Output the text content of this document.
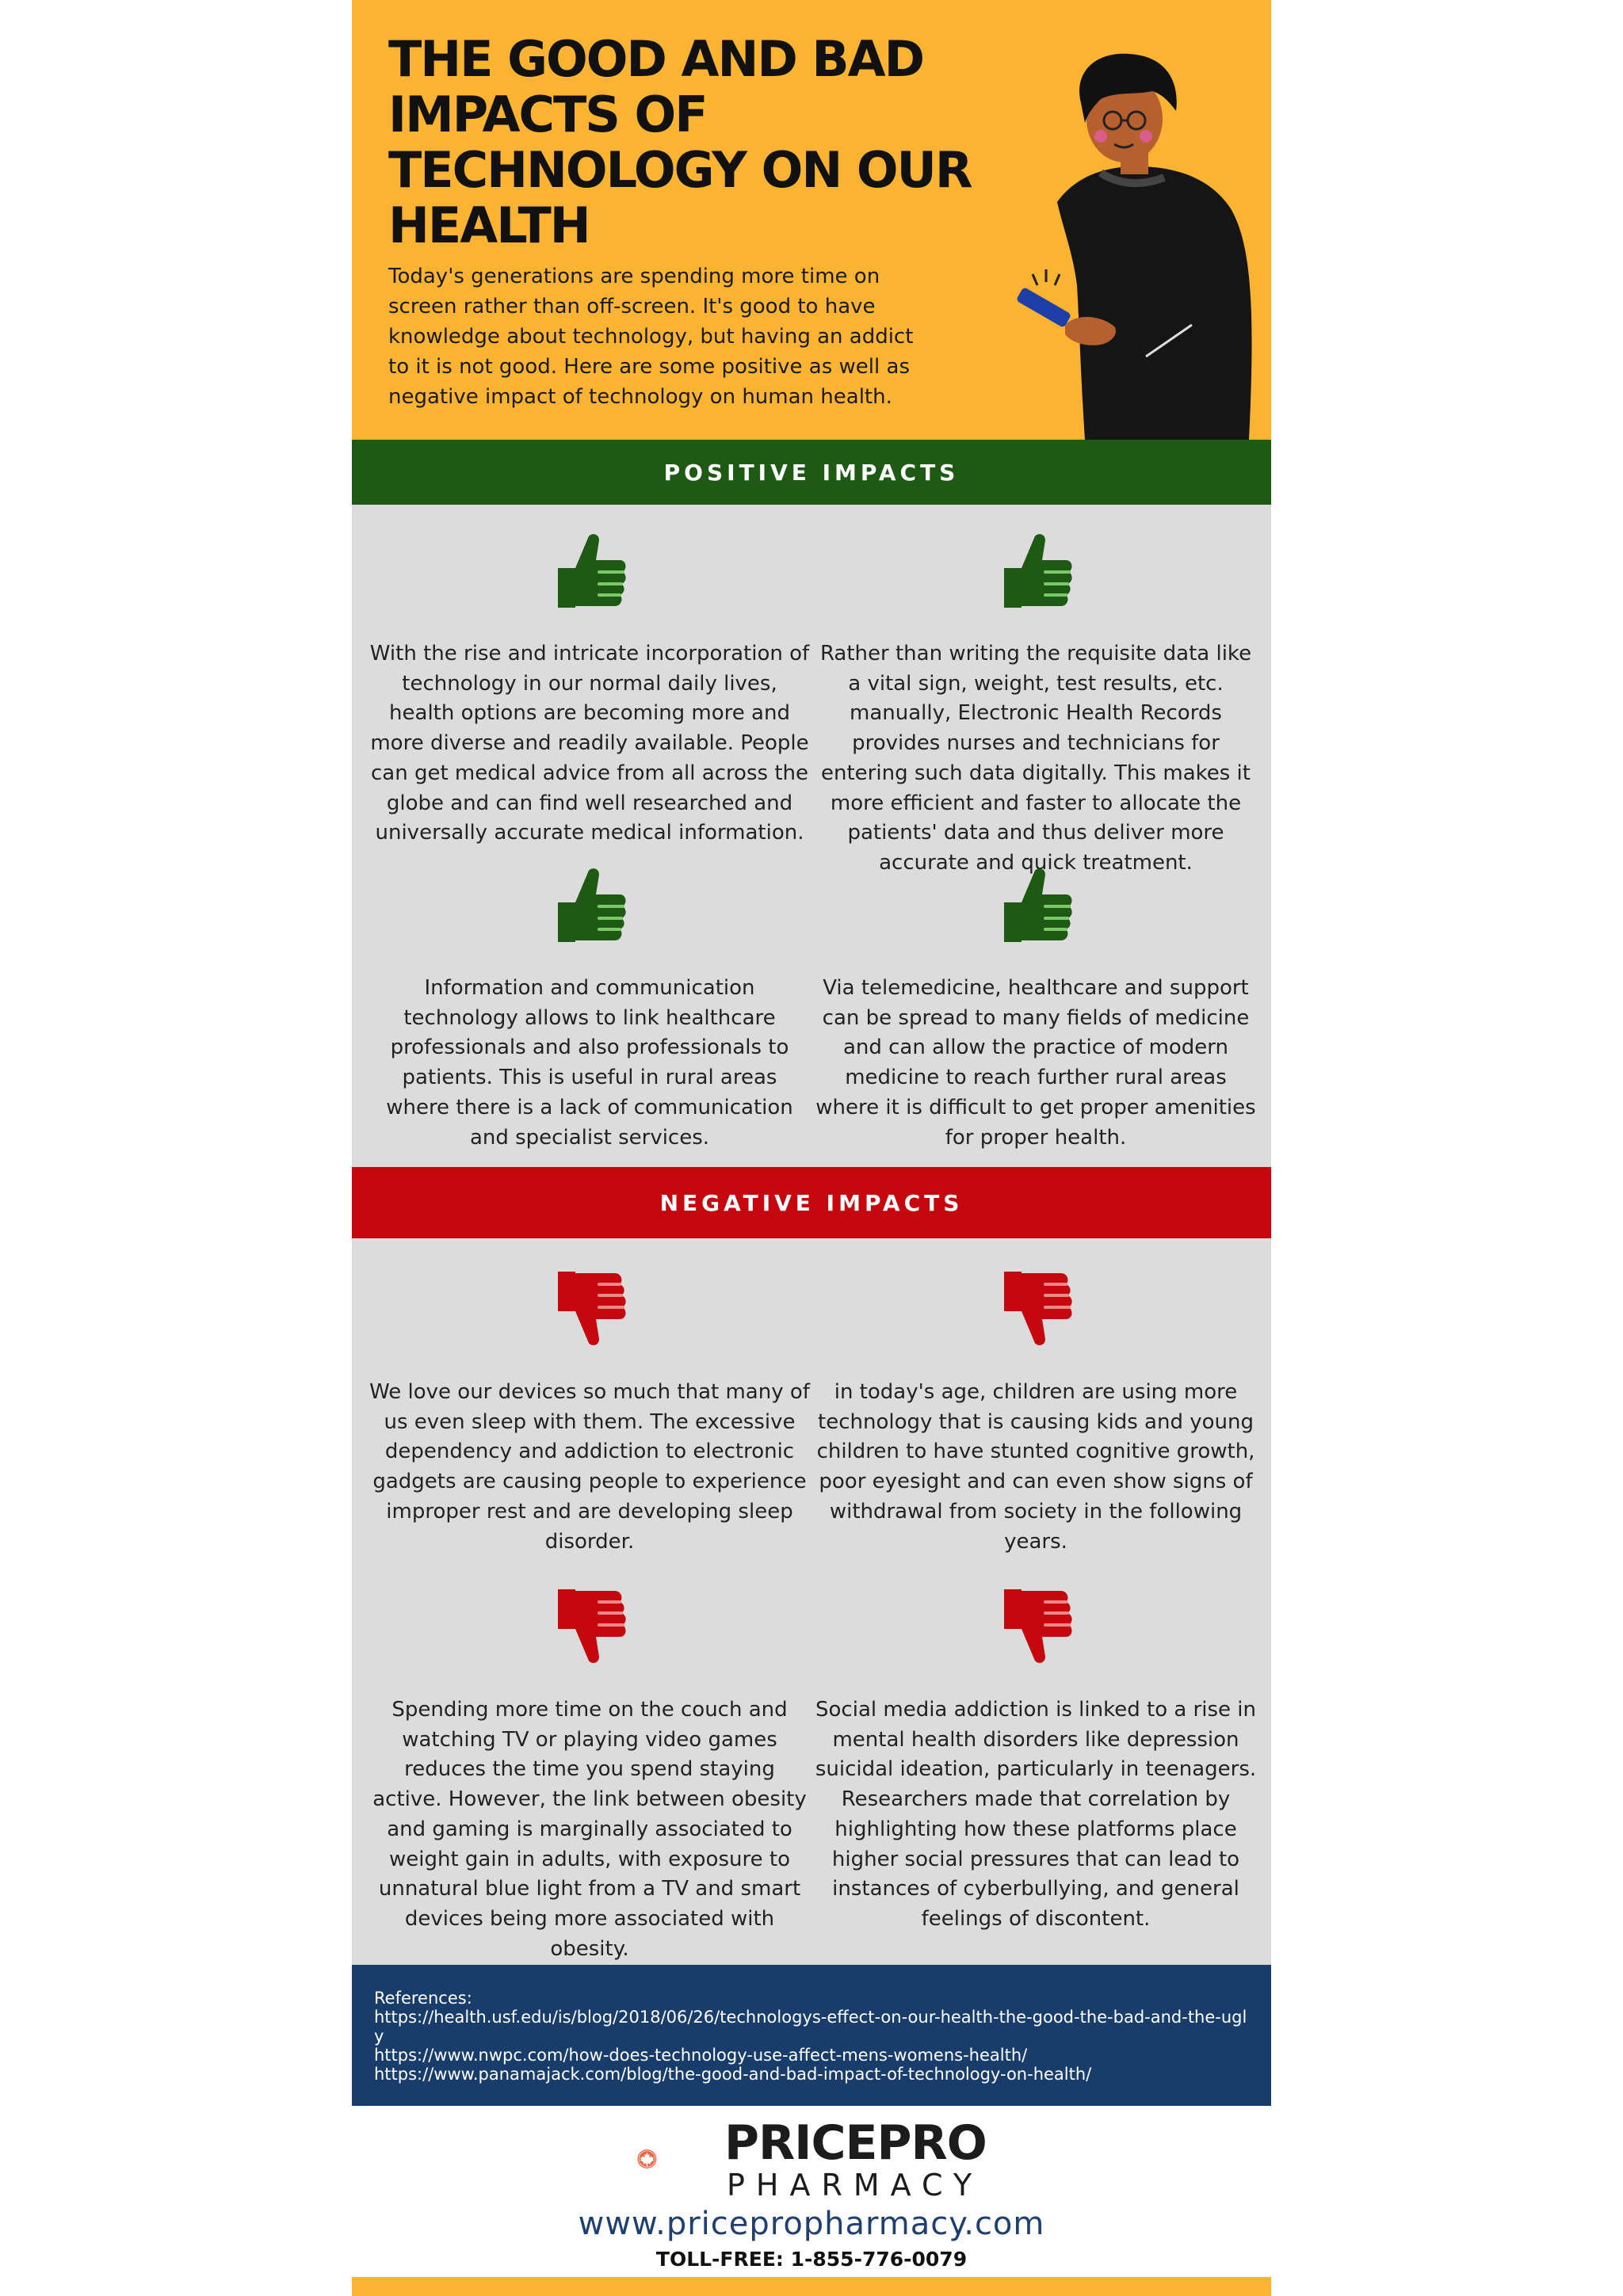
THE GOOD AND BAD IMPACTS OF TECHNOLOGY ON OUR HEALTH

Today's generations are spending more time on screen rather than off-screen. It's good to have knowledge about technology, but having an addict to it is not good. Here are some positive as well as negative impact of technology on human health.

POSITIVE IMPACTS

With the rise and intricate incorporation of technology in our normal daily lives, health options are becoming more and more diverse and readily available. People can get medical advice from all across the globe and can find well researched and universally accurate medical information.

Rather than writing the requisite data like a vital sign, weight, test results, etc. manually, Electronic Health Records provides nurses and technicians for entering such data digitally. This makes it more efficient and faster to allocate the patients' data and thus deliver more accurate and quick treatment.

Information and communication technology allows to link healthcare professionals and also professionals to patients. This is useful in rural areas where there is a lack of communication and specialist services.

Via telemedicine, healthcare and support can be spread to many fields of medicine and can allow the practice of modern medicine to reach further rural areas where it is difficult to get proper amenities for proper health.

NEGATIVE IMPACTS

We love our devices so much that many of us even sleep with them. The excessive dependency and addiction to electronic gadgets are causing people to experience improper rest and are developing sleep disorder.

in today's age, children are using more technology that is causing kids and young children to have stunted cognitive growth, poor eyesight and can even show signs of withdrawal from society in the following years.

Spending more time on the couch and watching TV or playing video games reduces the time you spend staying active. However, the link between obesity and gaming is marginally associated to weight gain in adults, with exposure to unnatural blue light from a TV and smart devices being more associated with obesity.

Social media addiction is linked to a rise in mental health disorders like depression suicidal ideation, particularly in teenagers. Researchers made that correlation by highlighting how these platforms place higher social pressures that can lead to instances of cyberbullying, and general feelings of discontent.

References:

https://health.usf.edu/is/blog/2018/06/26/technologys-effect-on-our-health-the-good-the-bad-and-the-ugly

https://www.nwpc.com/how-does-technology-use-affect-mens-womens-health/

https://www.panamajack.com/blog/the-good-and-bad-impact-of-technology-on-health/

PRICEPRO
PHARMACY
www.pricepropharmacy.com
TOLL-FREE: 1-855-776-0079
